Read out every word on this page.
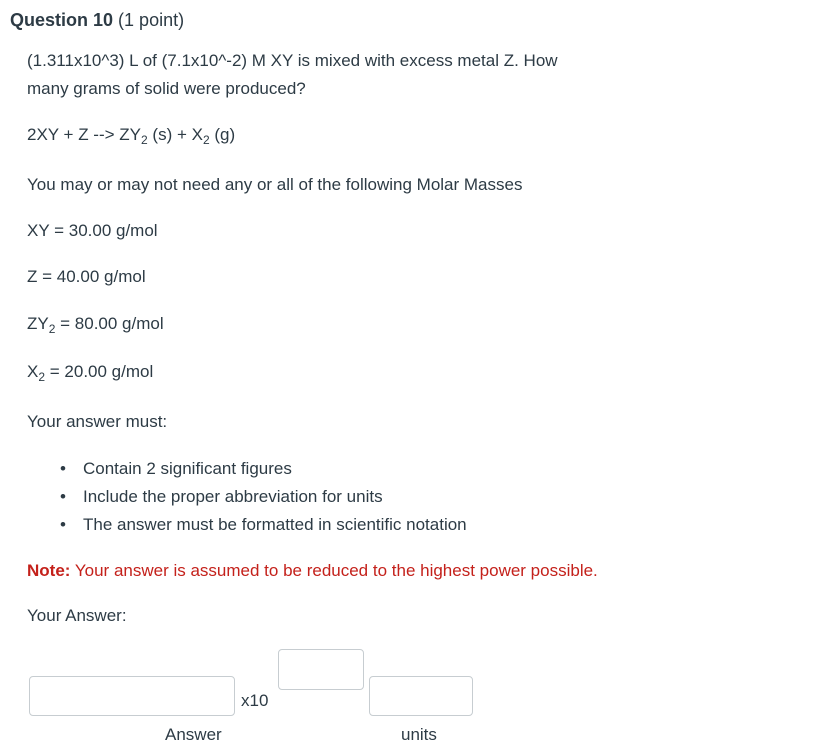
Question 10 (1 point)
(1.311x10^3) L of (7.1x10^-2) M XY is mixed with excess metal Z. How
many grams of solid were produced?
2XY + Z --> $ZY_2$ $(s) + X_2$ (g)
You may or may not need any or all of the following Molar Masses
XY = 30.00 g/mol
Z = 40.00 g/mol
$ZY_2 = 80.00$ g/mol
$X_2 = 20.00$ g/mol
Your answer must:
• Contain 2 significant figures
• Include the proper abbreviation for units
• The answer must be formatted in scientific notation
Note: Your answer is assumed to be reduced to the highest power possible.
Your Answer:
x10
Answer	units
